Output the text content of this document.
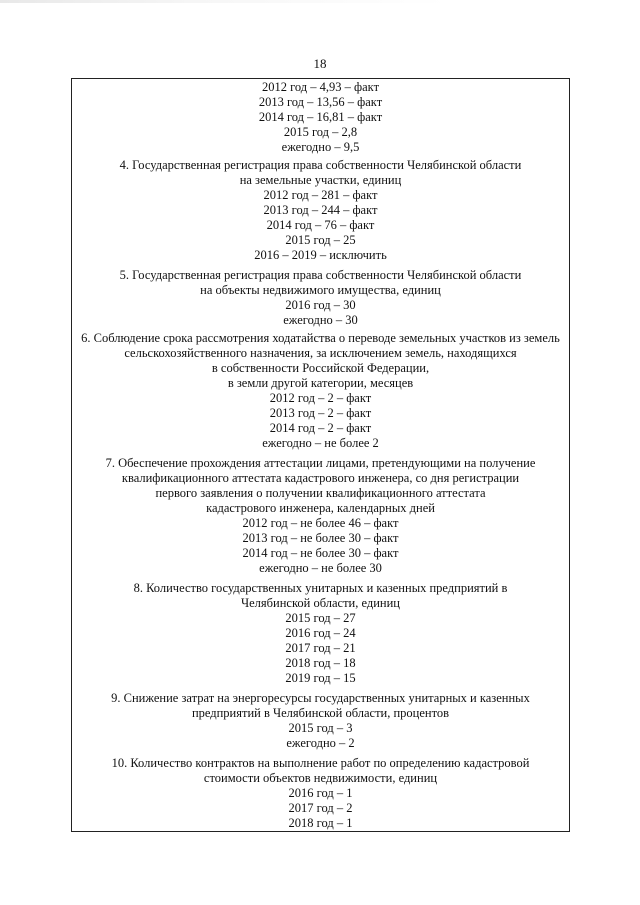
18
2012 год – 4,93 – факт
2013 год – 13,56 – факт
2014 год – 16,81 – факт
2015 год – 2,8
ежегодно – 9,5
4. Государственная регистрация права собственности Челябинской области
на земельные участки, единиц
2012 год – 281 – факт
2013 год – 244 – факт
2014 год – 76 – факт
2015 год – 25
2016 – 2019 – исключить
5. Государственная регистрация права собственности Челябинской области
на объекты недвижимого имущества, единиц
2016 год – 30
ежегодно – 30
6. Соблюдение срока рассмотрения ходатайства о переводе земельных участков из земель
сельскохозяйственного назначения, за исключением земель, находящихся
в собственности Российской Федерации,
в земли другой категории, месяцев
2012 год – 2 – факт
2013 год – 2 – факт
2014 год – 2 – факт
ежегодно – не более 2
7. Обеспечение прохождения аттестации лицами, претендующими на получение
квалификационного аттестата кадастрового инженера, со дня регистрации
первого заявления о получении квалификационного аттестата
кадастрового инженера, календарных дней
2012 год – не более 46 – факт
2013 год – не более 30 – факт
2014 год – не более 30 – факт
ежегодно – не более 30
8. Количество государственных унитарных и казенных предприятий в
Челябинской области, единиц
2015 год – 27
2016 год – 24
2017 год – 21
2018 год – 18
2019 год – 15
9. Снижение затрат на энергоресурсы государственных унитарных и казенных
предприятий в Челябинской области, процентов
2015 год – 3
ежегодно – 2
10. Количество контрактов на выполнение работ по определению кадастровой
стоимости объектов недвижимости, единиц
2016 год – 1
2017 год – 2
2018 год – 1
